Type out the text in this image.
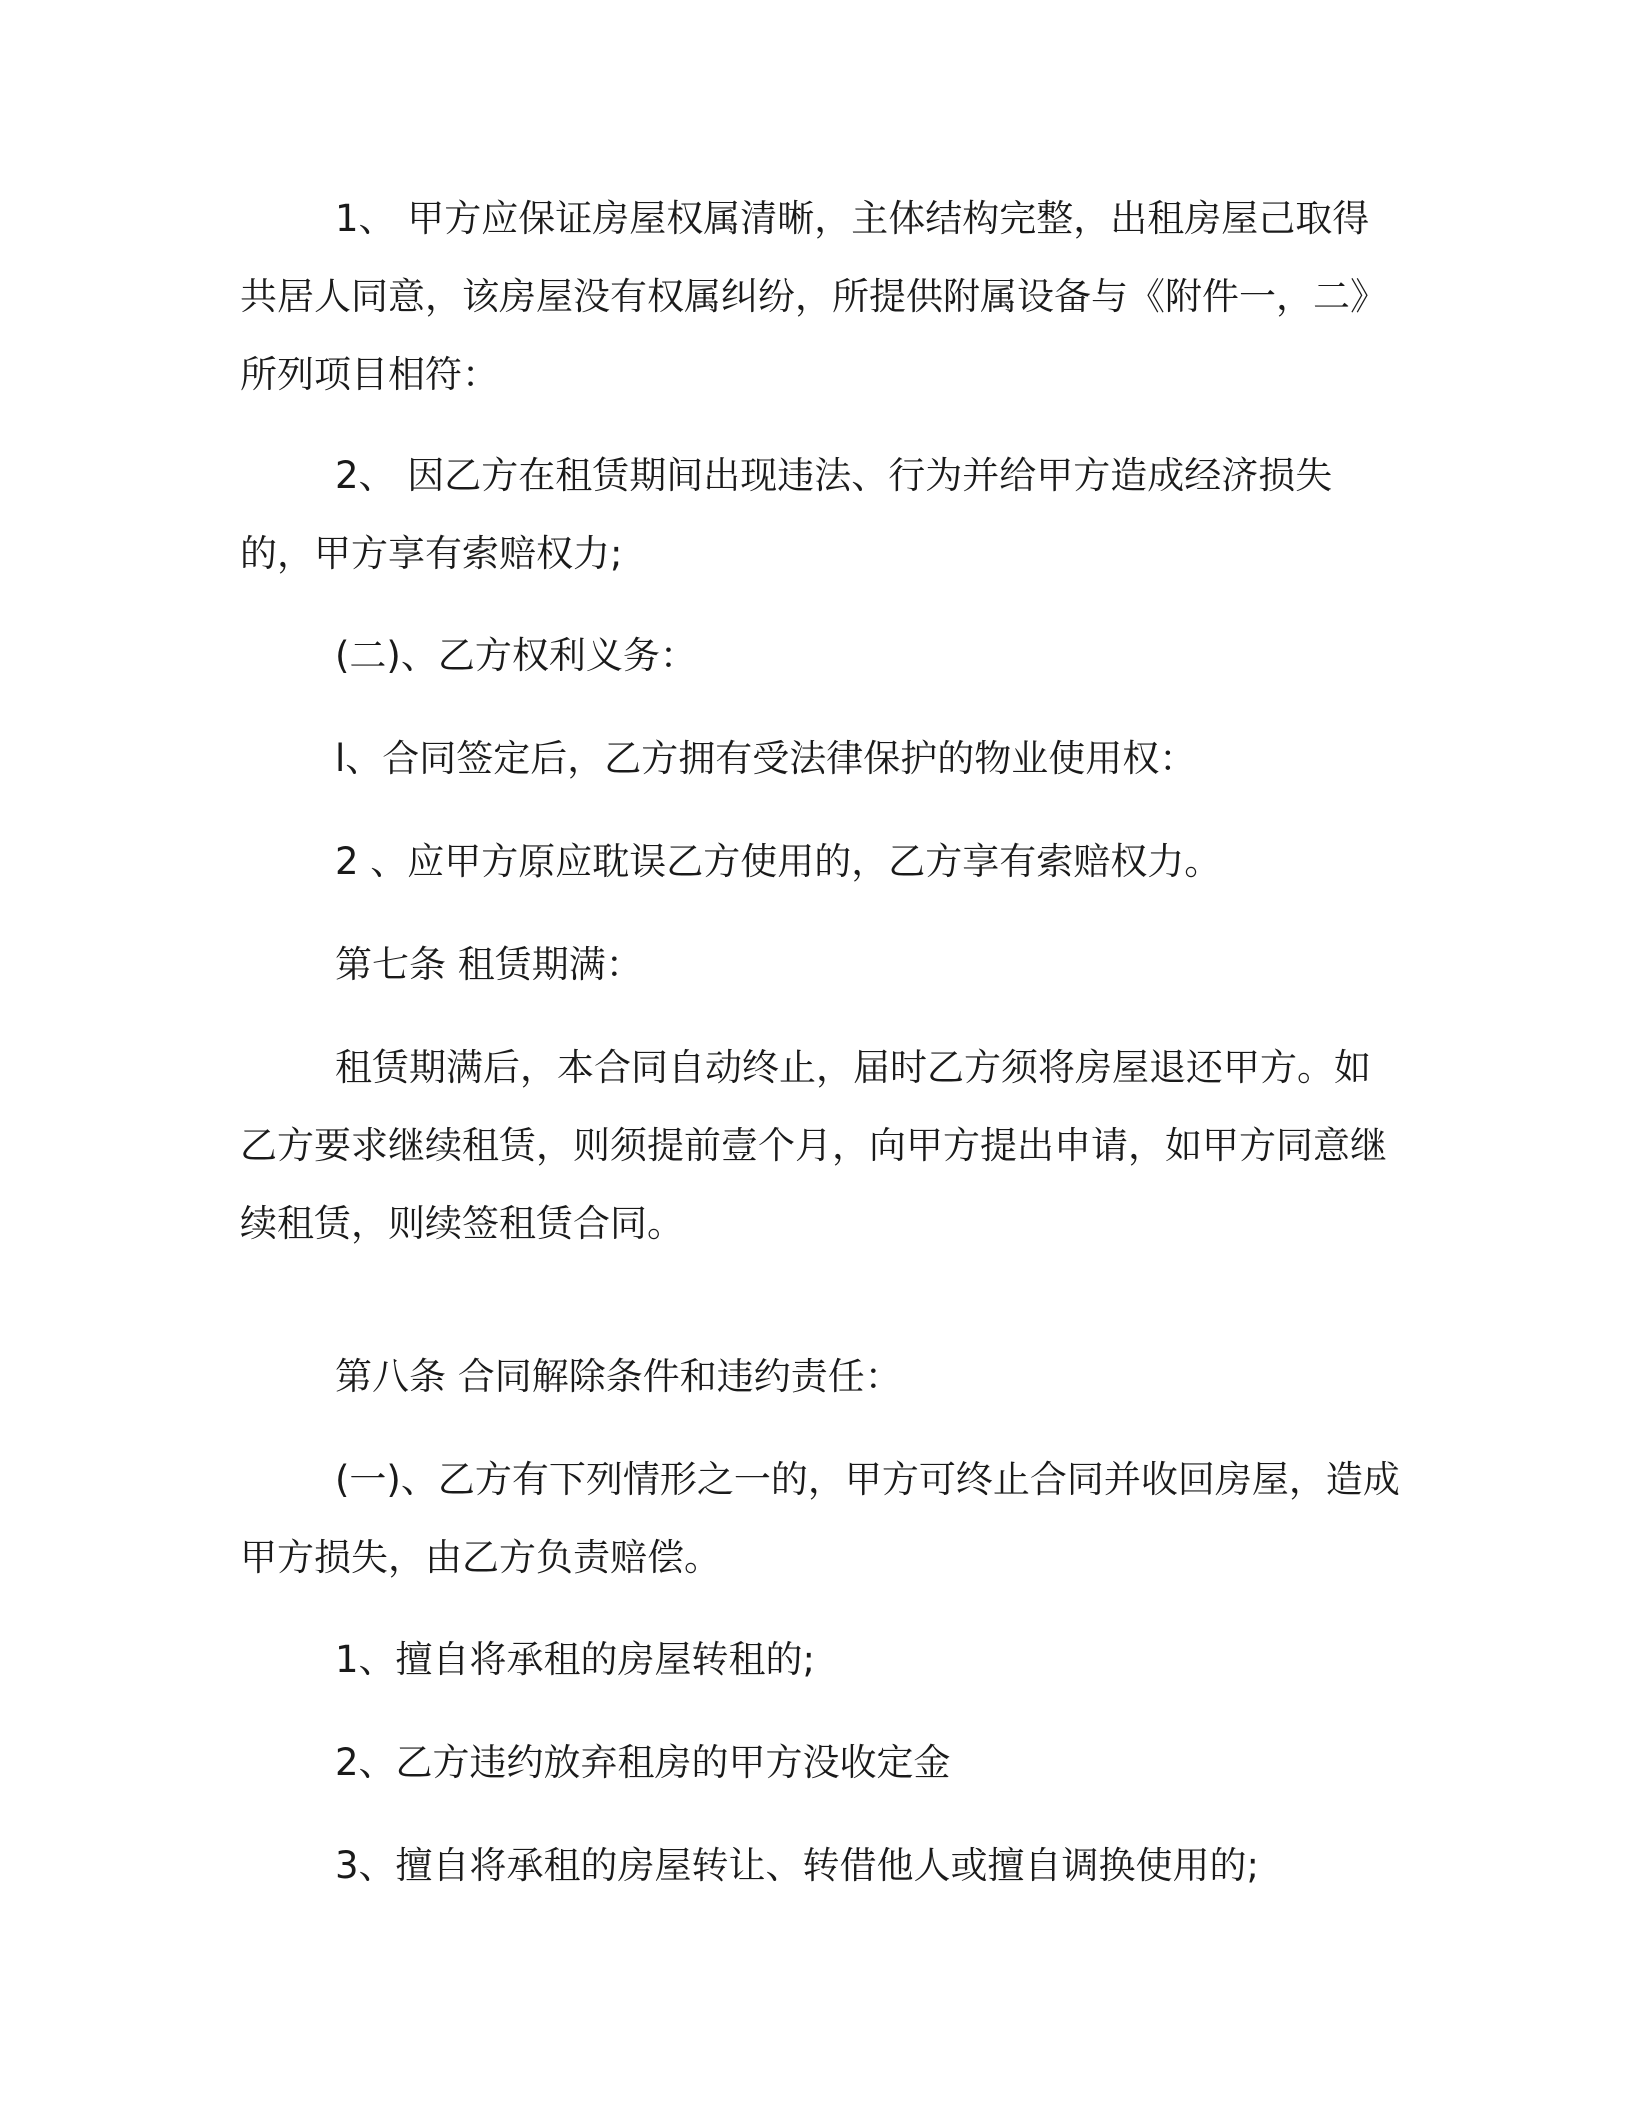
1、 甲方应保证房屋权属清晰，主体结构完整，出租房屋己取得共居人同意，该房屋没有权属纠纷，所提供附属设备与《附件一，二》所列项目相符：

2、 因乙方在租赁期间出现违法、行为并给甲方造成经济损失的，甲方享有索赔权力;

(二)、乙方权利义务：

l、合同签定后，乙方拥有受法律保护的物业使用权：

2 、应甲方原应耽误乙方使用的，乙方享有索赔权力。

第七条 租赁期满：

租赁期满后，本合同自动终止，届时乙方须将房屋退还甲方。如乙方要求继续租赁，则须提前壹个月，向甲方提出申请，如甲方同意继续租赁，则续签租赁合同。

第八条 合同解除条件和违约责任：

(一)、乙方有下列情形之一的，甲方可终止合同并收回房屋，造成甲方损失，由乙方负责赔偿。

1、擅自将承租的房屋转租的;

2、乙方违约放弃租房的甲方没收定金

3、擅自将承租的房屋转让、转借他人或擅自调换使用的;
